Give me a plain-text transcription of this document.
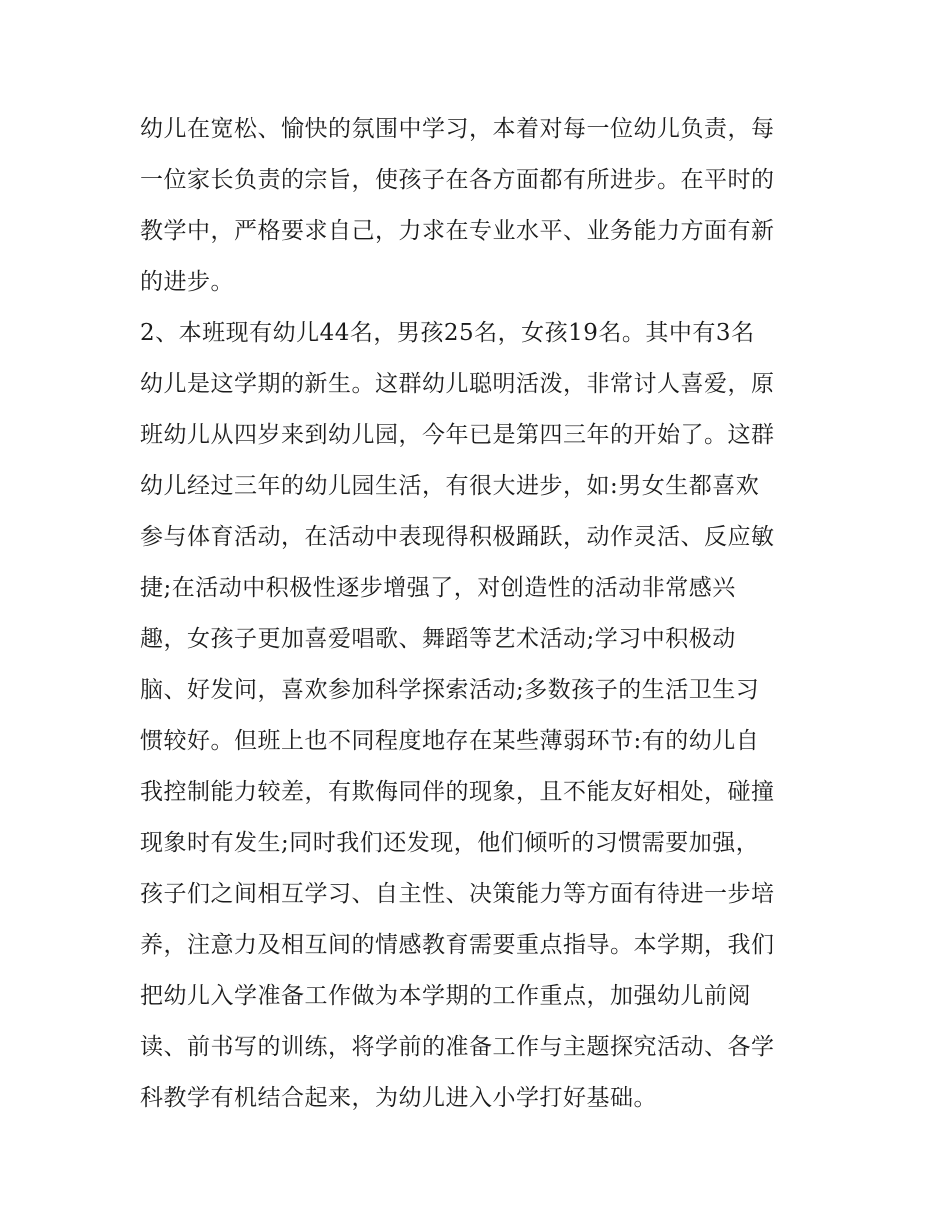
幼儿在宽松、愉快的氛围中学习，本着对每一位幼儿负责，每
一位家长负责的宗旨，使孩子在各方面都有所进步。在平时的
教学中，严格要求自己，力求在专业水平、业务能力方面有新
的进步。
2、本班现有幼儿44名，男孩25名，女孩19名。其中有3名
幼儿是这学期的新生。这群幼儿聪明活泼，非常讨人喜爱，原
班幼儿从四岁来到幼儿园，今年已是第四三年的开始了。这群
幼儿经过三年的幼儿园生活，有很大进步，如:男女生都喜欢
参与体育活动，在活动中表现得积极踊跃，动作灵活、反应敏
捷;在活动中积极性逐步增强了，对创造性的活动非常感兴
趣，女孩子更加喜爱唱歌、舞蹈等艺术活动;学习中积极动
脑、好发问，喜欢参加科学探索活动;多数孩子的生活卫生习
惯较好。但班上也不同程度地存在某些薄弱环节:有的幼儿自
我控制能力较差，有欺侮同伴的现象，且不能友好相处，碰撞
现象时有发生;同时我们还发现，他们倾听的习惯需要加强，
孩子们之间相互学习、自主性、决策能力等方面有待进一步培
养，注意力及相互间的情感教育需要重点指导。本学期，我们
把幼儿入学准备工作做为本学期的工作重点，加强幼儿前阅
读、前书写的训练，将学前的准备工作与主题探究活动、各学
科教学有机结合起来，为幼儿进入小学打好基础。
